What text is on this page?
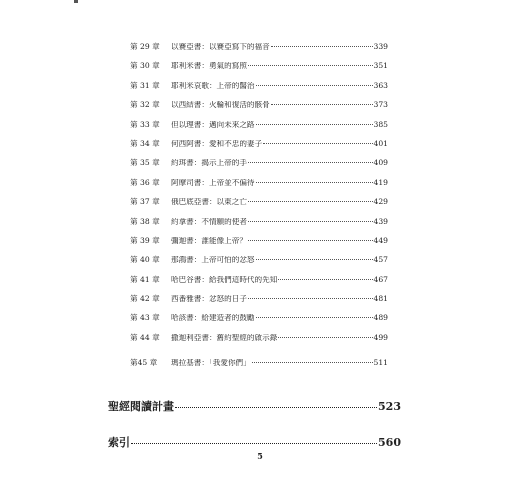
第 29 章	以賽亞書：以賽亞寫下的福音	339
第 30 章	耶利米書：勇氣的寫照	351
第 31 章	耶利米哀歌：上帝的醫治	363
第 32 章	以西結書：火輪和復活的骸骨	373
第 33 章	但以理書：邁向未來之路	385
第 34 章	何西阿書：愛和不忠的妻子	401
第 35 章	約珥書：揭示上帝的手	409
第 36 章	阿摩司書：上帝並不偏待	419
第 37 章	俄巴底亞書：以東之亡	429
第 38 章	約拿書：不情願的使者	439
第 39 章	彌迦書：誰能像上帝？	449
第 40 章	那鴻書：上帝可怕的忿怒	457
第 41 章	哈巴谷書：給我們這時代的先知	467
第 42 章	西番雅書：忿怒的日子	481
第 43 章	哈該書：給建造者的鼓勵	489
第 44 章	撒迦利亞書：舊約聖經的啟示錄	499
第45 章	瑪拉基書：「我愛你們」	511
聖經閱讀計畫	523
索引	560
5
